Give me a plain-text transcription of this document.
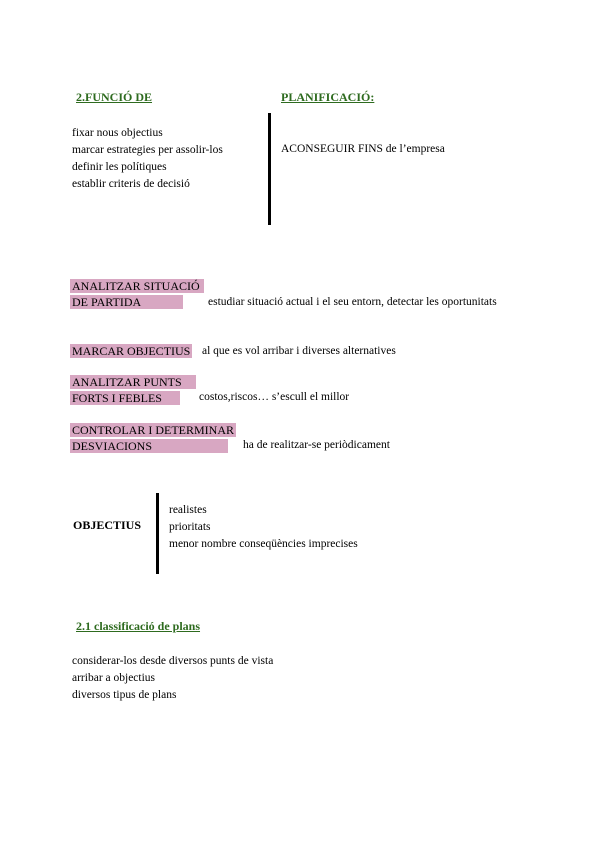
2.FUNCIÓ DE	PLANIFICACIÓ:
fixar nous objectius
marcar estrategies per assolir-los
definir les polítiques
establir criteris de decisió
ACONSEGUIR FINS de l’empresa
ANALITZAR SITUACIÓ
DE PARTIDA	estudiar situació actual i el seu entorn, detectar les oportunitats
MARCAR OBJECTIUS al que es vol arribar i diverses alternatives
ANALITZAR PUNTS
FORTS I FEBLES	costos,riscos… s’escull el millor
CONTROLAR I DETERMINAR
DESVIACIONS	ha de realitzar-se periòdicament
OBJECTIUS
realistes
prioritats
menor nombre conseqüències imprecises
2.1 classificació de plans
considerar-los desde diversos punts de vista
arribar a objectius
diversos tipus de plans
